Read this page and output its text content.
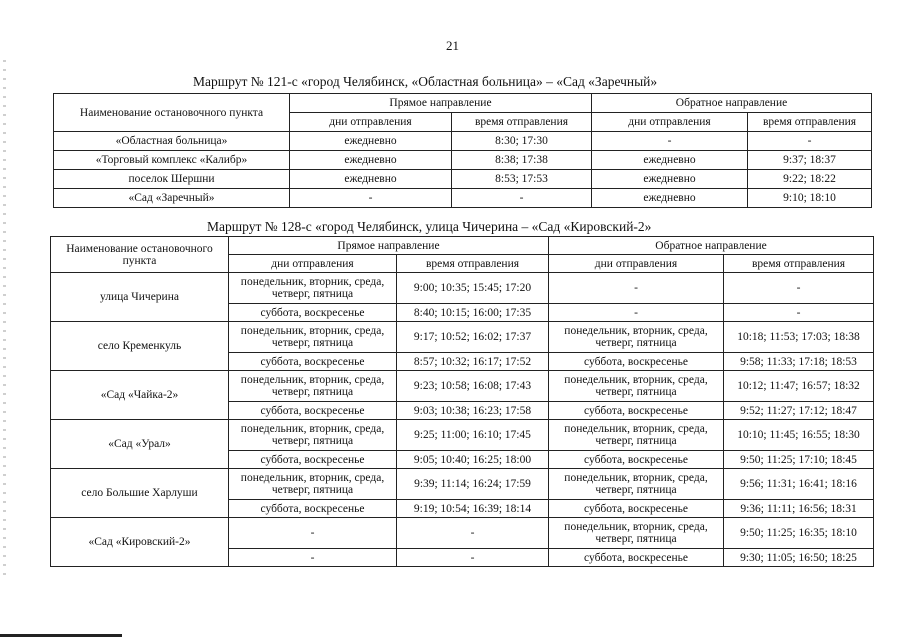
21
Маршрут № 121-с «город Челябинск, «Областная больница» – «Сад «Заречный»
Наименование остановочного пункта	Прямое направление		Обратное направление	
	дни отправления	время отправления	дни отправления	время отправления
«Областная больница»	ежедневно	8:30; 17:30	-	-
«Торговый комплекс «Калибр»	ежедневно	8:38; 17:38	ежедневно	9:37; 18:37
поселок Шершни	ежедневно	8:53; 17:53	ежедневно	9:22; 18:22
«Сад «Заречный»	-	-	ежедневно	9:10; 18:10
Маршрут № 128-с «город Челябинск, улица Чичерина – «Сад «Кировский-2»
Наименование остановочного пункта	Прямое направление		Обратное направление	
	дни отправления	время отправления	дни отправления	время отправления
улица Чичерина	понедельник, вторник, среда, четверг, пятница	9:00; 10:35; 15:45; 17:20	-	-
	суббота, воскресенье	8:40; 10:15; 16:00; 17:35	-	-
село Кременкуль	понедельник, вторник, среда, четверг, пятница	9:17; 10:52; 16:02; 17:37	понедельник, вторник, среда, четверг, пятница	10:18; 11:53; 17:03; 18:38
	суббота, воскресенье	8:57; 10:32; 16:17; 17:52	суббота, воскресенье	9:58; 11:33; 17:18; 18:53
«Сад «Чайка-2»	понедельник, вторник, среда, четверг, пятница	9:23; 10:58; 16:08; 17:43	понедельник, вторник, среда, четверг, пятница	10:12; 11:47; 16:57; 18:32
	суббота, воскресенье	9:03; 10:38; 16:23; 17:58	суббота, воскресенье	9:52; 11:27; 17:12; 18:47
«Сад «Урал»	понедельник, вторник, среда, четверг, пятница	9:25; 11:00; 16:10; 17:45	понедельник, вторник, среда, четверг, пятница	10:10; 11:45; 16:55; 18:30
	суббота, воскресенье	9:05; 10:40; 16:25; 18:00	суббота, воскресенье	9:50; 11:25; 17:10; 18:45
село Большие Харлуши	понедельник, вторник, среда, четверг, пятница	9:39; 11:14; 16:24; 17:59	понедельник, вторник, среда, четверг, пятница	9:56; 11:31; 16:41; 18:16
	суббота, воскресенье	9:19; 10:54; 16:39; 18:14	суббота, воскресенье	9:36; 11:11; 16:56; 18:31
«Сад «Кировский-2»	-	-	понедельник, вторник, среда, четверг, пятница	9:50; 11:25; 16:35; 18:10
	-	-	суббота, воскресенье	9:30; 11:05; 16:50; 18:25
